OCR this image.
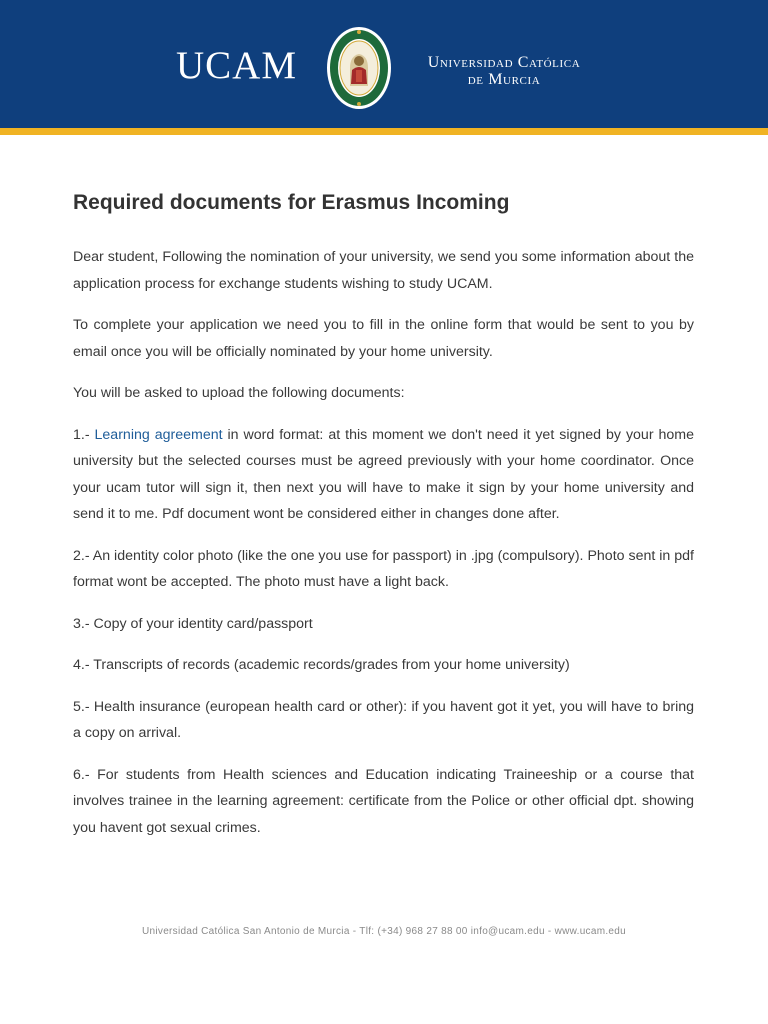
UCAM	Universidad Católica
de Murcia
Required documents for Erasmus Incoming

Dear student, Following the nomination of your university, we send you some information about the application process for exchange students wishing to study UCAM.

To complete your application we need you to fill in the online form that would be sent to you by email once you will be officially nominated by your home university.

You will be asked to upload the following documents:

1.- Learning agreement in word format: at this moment we don't need it yet signed by your home university but the selected courses must be agreed previously with your home coordinator. Once your ucam tutor will sign it, then next you will have to make it sign by your home university and send it to me. Pdf document wont be considered either in changes done after.

2.- An identity color photo (like the one you use for passport) in .jpg (compulsory). Photo sent in pdf format wont be accepted. The photo must have a light back.

3.- Copy of your identity card/passport

4.- Transcripts of records (academic records/grades from your home university)

5.- Health insurance (european health card or other): if you havent got it yet, you will have to bring a copy on arrival.

6.- For students from Health sciences and Education indicating Traineeship or a course that involves trainee in the learning agreement: certificate from the Police or other official dpt. showing you havent got sexual crimes.

Universidad Católica San Antonio de Murcia - Tlf: (+34) 968 27 88 00 info@ucam.edu - www.ucam.edu
